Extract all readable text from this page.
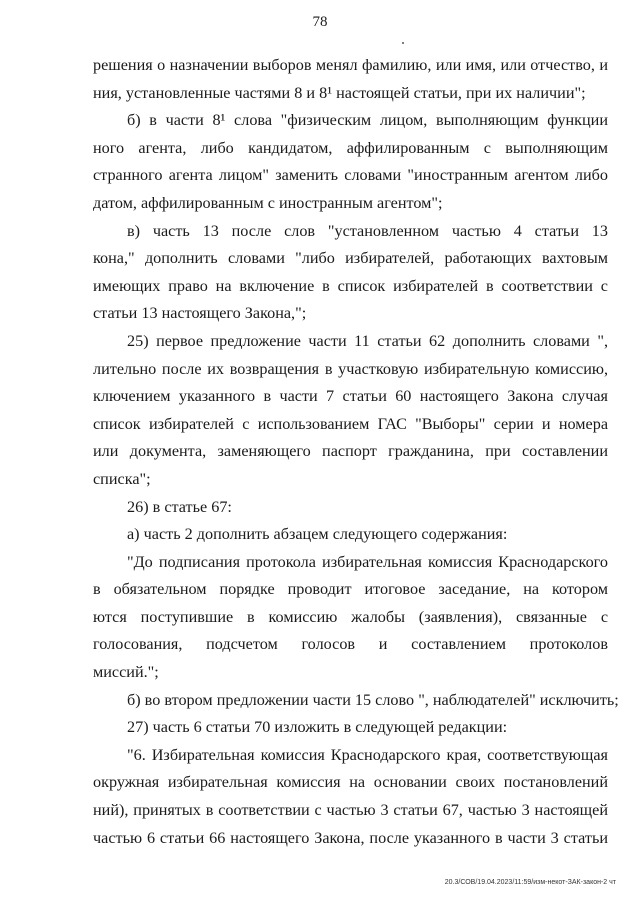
78
решения о назначении выборов менял фамилию, или имя, или отчество, и
ния, установленные частями 8 и 8¹ настоящей статьи, при их наличии";
б) в части 8¹ слова "физическим лицом, выполняющим функции
ного агента, либо кандидатом, аффилированным с выполняющим
странного агента лицом" заменить словами "иностранным агентом либо
датом, аффилированным с иностранным агентом";
в) часть 13 после слов "установленном частью 4 статьи 13
кона," дополнить словами "либо избирателей, работающих вахтовым
имеющих право на включение в список избирателей в соответствии с
статьи 13 настоящего Закона,";
25) первое предложение части 11 статьи 62 дополнить словами ",
лительно после их возвращения в участковую избирательную комиссию,
ключением указанного в части 7 статьи 60 настоящего Закона случая
список избирателей с использованием ГАС "Выборы" серии и номера
или документа, заменяющего паспорт гражданина, при составлении
списка";
26) в статье 67:
а) часть 2 дополнить абзацем следующего содержания:
"До подписания протокола избирательная комиссия Краснодарского
в обязательном порядке проводит итоговое заседание, на котором
ются поступившие в комиссию жалобы (заявления), связанные с
голосования, подсчетом голосов и составлением протоколов
миссий.";
б) во втором предложении части 15 слово ", наблюдателей" исключить;
27) часть 6 статьи 70 изложить в следующей редакции:
"6. Избирательная комиссия Краснодарского края, соответствующая
окружная избирательная комиссия на основании своих постановлений
ний), принятых в соответствии с частью 3 статьи 67, частью 3 настоящей
частью 6 статьи 66 настоящего Закона, после указанного в части 3 статьи
20.3/СОВ/19.04.2023/11:59/изм-некот-ЗАК-закон-2 чт
